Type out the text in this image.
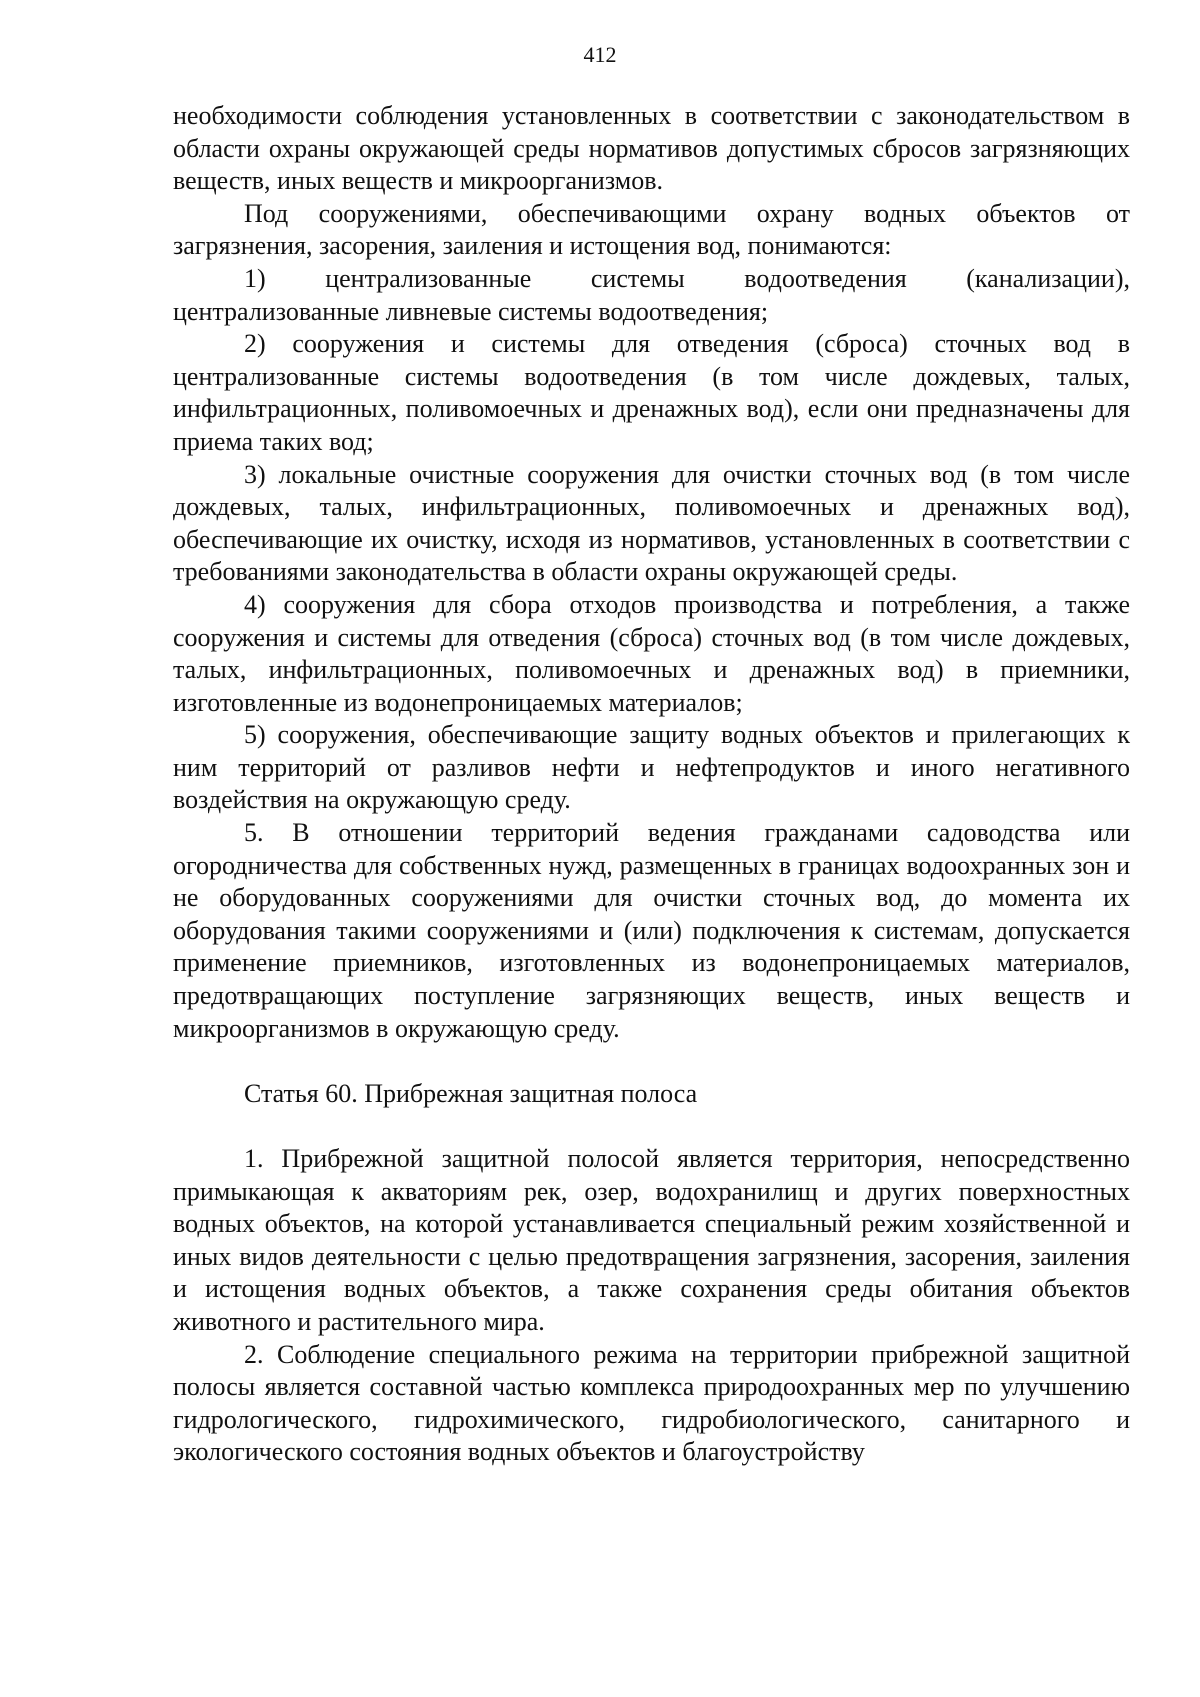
412

необходимости соблюдения установленных в соответствии с законодательством в области охраны окружающей среды нормативов допустимых сбросов загрязняющих веществ, иных веществ и микроорганизмов.

Под сооружениями, обеспечивающими охрану водных объектов от загрязнения, засорения, заиления и истощения вод, понимаются:

1) централизованные системы водоотведения (канализации), централизованные ливневые системы водоотведения;

2) сооружения и системы для отведения (сброса) сточных вод в централизованные системы водоотведения (в том числе дождевых, талых, инфильтрационных, поливомоечных и дренажных вод), если они предназначены для приема таких вод;

3) локальные очистные сооружения для очистки сточных вод (в том числе дождевых, талых, инфильтрационных, поливомоечных и дренажных вод), обеспечивающие их очистку, исходя из нормативов, установленных в соответствии с требованиями законодательства в области охраны окружающей среды.

4) сооружения для сбора отходов производства и потребления, а также сооружения и системы для отведения (сброса) сточных вод (в том числе дождевых, талых, инфильтрационных, поливомоечных и дренажных вод) в приемники, изготовленные из водонепроницаемых материалов;

5) сооружения, обеспечивающие защиту водных объектов и прилегающих к ним территорий от разливов нефти и нефтепродуктов и иного негативного воздействия на окружающую среду.

5. В отношении территорий ведения гражданами садоводства или огородничества для собственных нужд, размещенных в границах водоохранных зон и не оборудованных сооружениями для очистки сточных вод, до момента их оборудования такими сооружениями и (или) подключения к системам, допускается применение приемников, изготовленных из водонепроницаемых материалов, предотвращающих поступление загрязняющих веществ, иных веществ и микроорганизмов в окружающую среду.

Статья 60. Прибрежная защитная полоса

1. Прибрежной защитной полосой является территория, непосредственно примыкающая к акваториям рек, озер, водохранилищ и других поверхностных водных объектов, на которой устанавливается специальный режим хозяйственной и иных видов деятельности с целью предотвращения загрязнения, засорения, заиления и истощения водных объектов, а также сохранения среды обитания объектов животного и растительного мира.

2. Соблюдение специального режима на территории прибрежной защитной полосы является составной частью комплекса природоохранных мер по улучшению гидрологического, гидрохимического, гидробиологического, санитарного и экологического состояния водных объектов и благоустройству
